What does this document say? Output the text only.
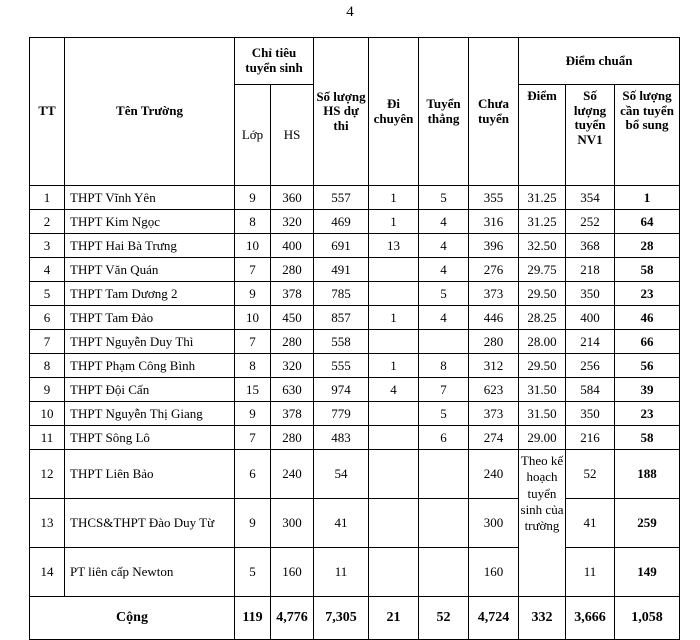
4
TT	Tên Trường	Chỉ tiêu tuyển sinh		Số lượng HS dự thi	Đi chuyên	Tuyển thẳng	Chưa tuyển	Điểm chuẩn		
		Lớp	HS					Điểm	Số lượng tuyển NV1	Số lượng cần tuyển bổ sung
1	THPT Vĩnh Yên	9	360	557	1	5	355	31.25	354	1
2	THPT Kim Ngọc	8	320	469	1	4	316	31.25	252	64
3	THPT Hai Bà Trưng	10	400	691	13	4	396	32.50	368	28
4	THPT Văn Quán	7	280	491		4	276	29.75	218	58
5	THPT Tam Dương 2	9	378	785		5	373	29.50	350	23
6	THPT Tam Đảo	10	450	857	1	4	446	28.25	400	46
7	THPT Nguyễn Duy Thì	7	280	558			280	28.00	214	66
8	THPT Phạm Công Bình	8	320	555	1	8	312	29.50	256	56
9	THPT Đội Cấn	15	630	974	4	7	623	31.50	584	39
10	THPT Nguyễn Thị Giang	9	378	779		5	373	31.50	350	23
11	THPT Sông Lô	7	280	483		6	274	29.00	216	58
12	THPT Liên Bảo	6	240	54			240	Theo kế hoạch tuyển sinh của trường	52	188
13	THCS&THPT Đào Duy Từ	9	300	41			300		41	259
14	PT liên cấp Newton	5	160	11			160		11	149
Cộng		119	4,776	7,305	21	52	4,724	332	3,666	1,058
